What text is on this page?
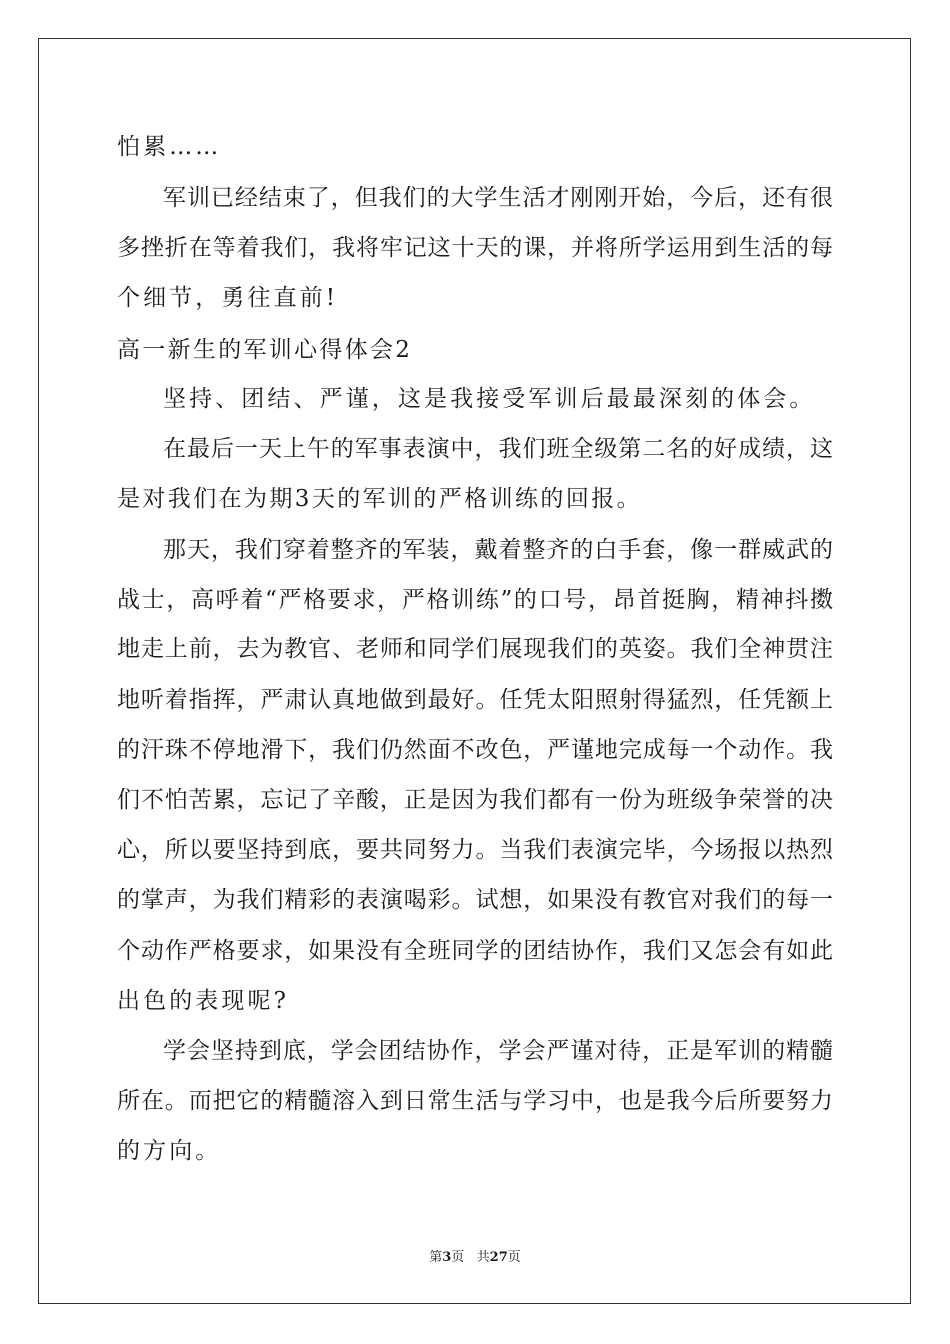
怕累……
军训已经结束了，但我们的大学生活才刚刚开始，今后，还有很
多挫折在等着我们，我将牢记这十天的课，并将所学运用到生活的每
个细节，勇往直前!
高一新生的军训心得体会2
坚持、团结、严谨，这是我接受军训后最最深刻的体会。
在最后一天上午的军事表演中，我们班全级第二名的好成绩，这
是对我们在为期3天的军训的严格训练的回报。
那天，我们穿着整齐的军装，戴着整齐的白手套，像一群威武的
战士，高呼着“严格要求，严格训练”的口号，昂首挺胸，精神抖擞
地走上前，去为教官、老师和同学们展现我们的英姿。我们全神贯注
地听着指挥，严肃认真地做到最好。任凭太阳照射得猛烈，任凭额上
的汗珠不停地滑下，我们仍然面不改色，严谨地完成每一个动作。我
们不怕苦累，忘记了辛酸，正是因为我们都有一份为班级争荣誉的决
心，所以要坚持到底，要共同努力。当我们表演完毕，今场报以热烈
的掌声，为我们精彩的表演喝彩。试想，如果没有教官对我们的每一
个动作严格要求，如果没有全班同学的团结协作，我们又怎会有如此
出色的表现呢?
学会坚持到底，学会团结协作，学会严谨对待，正是军训的精髓
所在。而把它的精髓溶入到日常生活与学习中，也是我今后所要努力
的方向。
第3页   共27页
